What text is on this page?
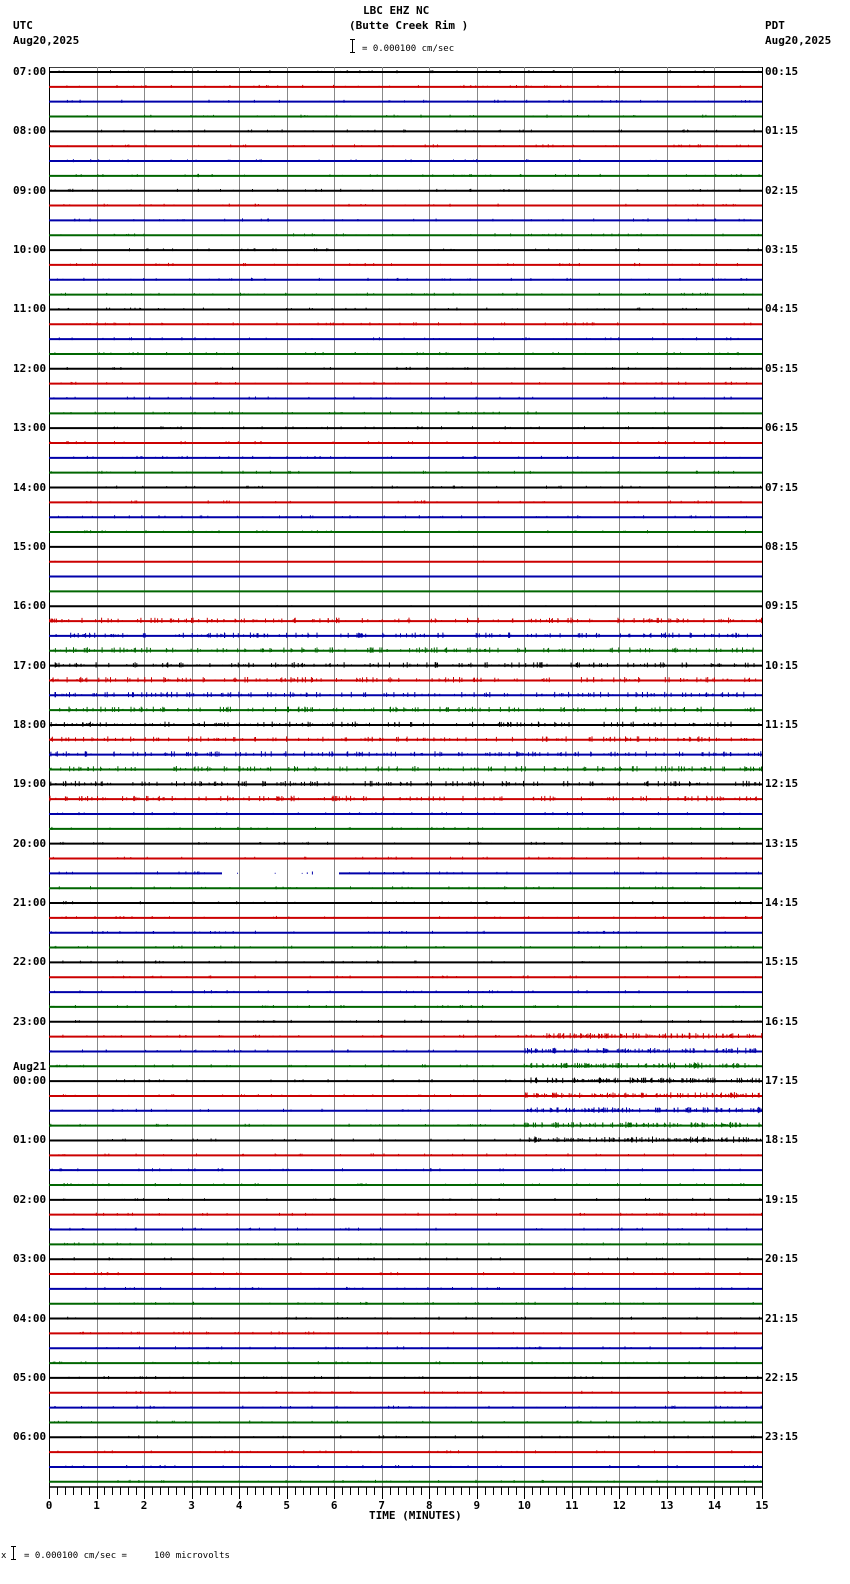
LBC EHZ NC
(Butte Creek Rim )
= 0.000100 cm/sec
UTC
Aug20,2025
PDT
Aug20,2025
07:00
08:00
09:00
10:00
11:00
12:00
13:00
14:00
15:00
16:00
17:00
18:00
19:00
20:00
21:00
22:00
23:00
Aug21
00:00
01:00
02:00
03:00
04:00
05:00
06:00
00:15
01:15
02:15
03:15
04:15
05:15
06:15
07:15
08:15
09:15
10:15
11:15
12:15
13:15
14:15
15:15
16:15
17:15
18:15
19:15
20:15
21:15
22:15
23:15
0	1	2	3	4	5	6	7	8	9	10	11	12	13	14	15
TIME (MINUTES)
x = 0.000100 cm/sec =     100 microvolts
